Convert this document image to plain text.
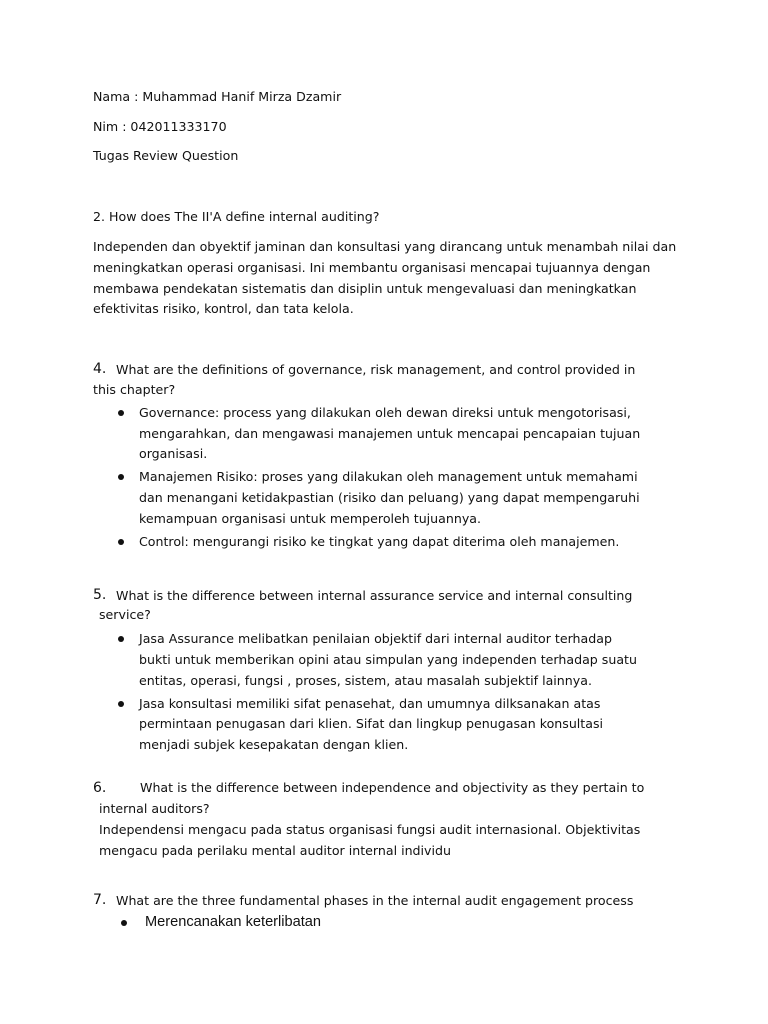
Nama : Muhammad Hanif Mirza Dzamir
Nim : 042011333170
Tugas Review Question
2. How does The II'A define internal auditing?
Independen dan obyektif jaminan dan konsultasi yang dirancang untuk menambah nilai dan
meningkatkan operasi organisasi. Ini membantu organisasi mencapai tujuannya dengan
membawa pendekatan sistematis dan disiplin untuk mengevaluasi dan meningkatkan
efektivitas risiko, kontrol, dan tata kelola.
4. What are the definitions of governance, risk management, and control provided in
this chapter?
Governance: process yang dilakukan oleh dewan direksi untuk mengotorisasi,
mengarahkan, dan mengawasi manajemen untuk mencapai pencapaian tujuan
organisasi.
Manajemen Risiko: proses yang dilakukan oleh management untuk memahami
dan menangani ketidakpastian (risiko dan peluang) yang dapat mempengaruhi
kemampuan organisasi untuk memperoleh tujuannya.
Control: mengurangi risiko ke tingkat yang dapat diterima oleh manajemen.
5. What is the difference between internal assurance service and internal consulting
service?
Jasa Assurance melibatkan penilaian objektif dari internal auditor terhadap
bukti untuk memberikan opini atau simpulan yang independen terhadap suatu
entitas, operasi, fungsi , proses, sistem, atau masalah subjektif lainnya.
Jasa konsultasi memiliki sifat penasehat, dan umumnya dilksanakan atas
permintaan penugasan dari klien. Sifat dan lingkup penugasan konsultasi
menjadi subjek kesepakatan dengan klien.
6.	What is the difference between independence and objectivity as they pertain to
internal auditors?
Independensi mengacu pada status organisasi fungsi audit internasional. Objektivitas
mengacu pada perilaku mental auditor internal individu
7. What are the three fundamental phases in the internal audit engagement process
Merencanakan keterlibatan
